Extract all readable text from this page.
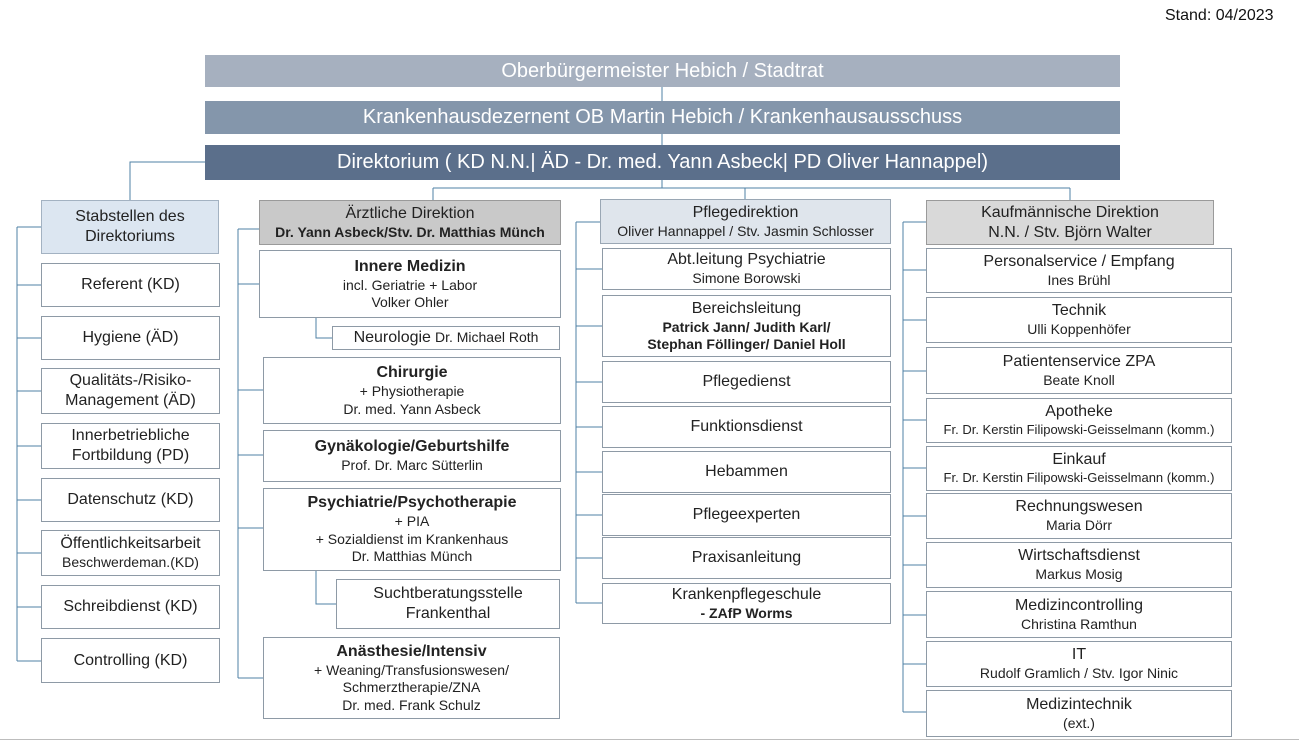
Stand: 04/2023
Oberbürgermeister Hebich / Stadtrat
Krankenhausdezernent OB Martin Hebich / Krankenhausausschuss
Direktorium ( KD N.N.| ÄD - Dr. med. Yann Asbeck| PD Oliver Hannappel)
Stabstellen des
Direktoriums
Referent (KD)
Hygiene (ÄD)
Qualitäts-/Risiko-
Management (ÄD)
Innerbetriebliche
Fortbildung (PD)
Datenschutz (KD)
Öffentlichkeitsarbeit
Beschwerdeman.(KD)
Schreibdienst (KD)
Controlling (KD)
Ärztliche Direktion
Dr. Yann Asbeck/Stv. Dr. Matthias Münch
Innere Medizin
incl. Geriatrie + Labor
Volker Ohler
Neurologie Dr. Michael Roth
Chirurgie
+ Physiotherapie
Dr. med. Yann Asbeck
Gynäkologie/Geburtshilfe
Prof. Dr. Marc Sütterlin
Psychiatrie/Psychotherapie
+ PIA
+ Sozialdienst im Krankenhaus
Dr. Matthias Münch
Suchtberatungsstelle
Frankenthal
Anästhesie/Intensiv
+ Weaning/Transfusionswesen/
Schmerztherapie/ZNA
Dr. med. Frank Schulz
Pflegedirektion
Oliver Hannappel / Stv. Jasmin Schlosser
Abt.leitung Psychiatrie
Simone Borowski
Bereichsleitung
Patrick Jann/ Judith Karl/
Stephan Föllinger/ Daniel Holl
Pflegedienst
Funktionsdienst
Hebammen
Pflegeexperten
Praxisanleitung
Krankenpflegeschule
- ZAfP Worms
Kaufmännische Direktion
N.N. / Stv. Björn Walter
Personalservice / Empfang
Ines Brühl
Technik
Ulli Koppenhöfer
Patientenservice ZPA
Beate Knoll
Apotheke
Fr. Dr. Kerstin Filipowski-Geisselmann (komm.)
Einkauf
Fr. Dr. Kerstin Filipowski-Geisselmann (komm.)
Rechnungswesen
Maria Dörr
Wirtschaftsdienst
Markus Mosig
Medizincontrolling
Christina Ramthun
IT
Rudolf Gramlich / Stv. Igor Ninic
Medizintechnik
(ext.)
